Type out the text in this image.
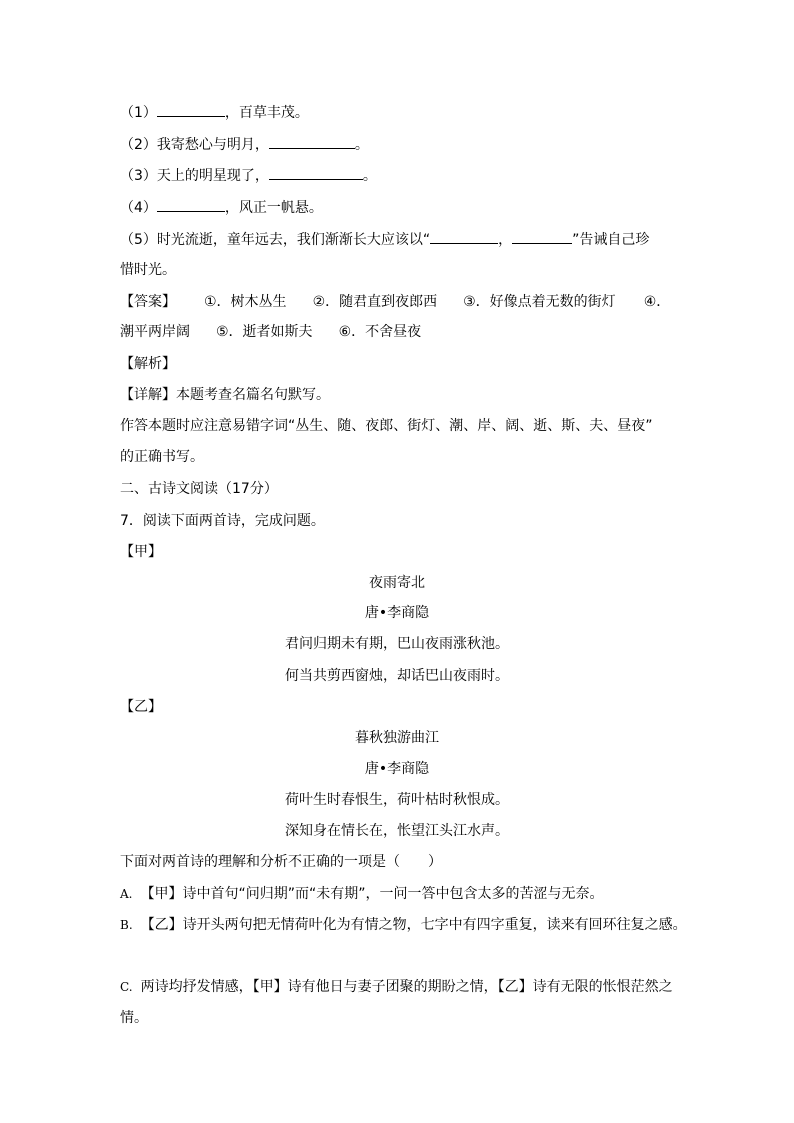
（1）	，百草丰茂。
（2）我寄愁心与明月，	。
（3）天上的明星现了，	。
（4）	，风正一帆悬。
（5）时光流逝，童年远去，我们渐渐长大应该以“	，	”告诫自己珍
惜时光。
【答案】 ①．树木丛生 ②．随君直到夜郎西 ③．好像点着无数的街灯 ④．
潮平两岸阔 ⑤．逝者如斯夫 ⑥．不舍昼夜
【解析】
【详解】本题考查名篇名句默写。
作答本题时应注意易错字词“丛生、随、夜郎、街灯、潮、岸、阔、逝、斯、夫、昼夜”
的正确书写。
二、古诗文阅读（17分）
7．阅读下面两首诗，完成问题。
【甲】
夜雨寄北
唐•李商隐
君问归期未有期，巴山夜雨涨秋池。
何当共剪西窗烛，却话巴山夜雨时。
【乙】
暮秋独游曲江
唐•李商隐
荷叶生时春恨生，荷叶枯时秋恨成。
深知身在情长在，怅望江头江水声。
下面对两首诗的理解和分析不正确的一项是（　　）
A. 【甲】诗中首句“问归期”而“未有期”，一问一答中包含太多的苦涩与无奈。
B. 【乙】诗开头两句把无情荷叶化为有情之物，七字中有四字重复，读来有回环往复之感。
C. 两诗均抒发情感，【甲】诗有他日与妻子团聚的期盼之情，【乙】诗有无限的怅恨茫然之
情。
